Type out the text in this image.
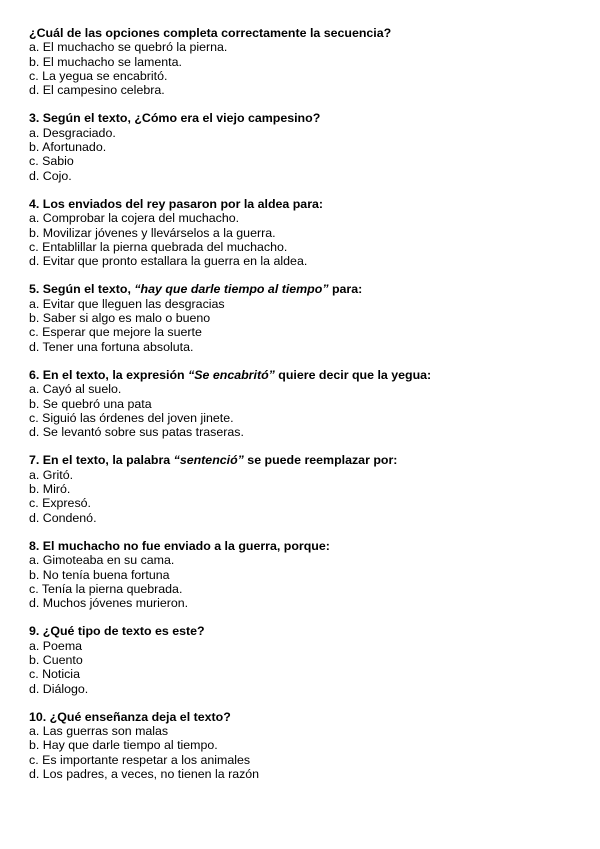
¿Cuál de las opciones completa correctamente la secuencia?
a. El muchacho se quebró la pierna.
b. El muchacho se lamenta.
c. La yegua se encabritó.
d. El campesino celebra.
3. Según el texto, ¿Cómo era el viejo campesino?
a. Desgraciado.
b. Afortunado.
c. Sabio
d. Cojo.
4. Los enviados del rey pasaron por la aldea para:
a. Comprobar la cojera del muchacho.
b. Movilizar jóvenes y llevárselos a la guerra.
c. Entablillar la pierna quebrada del muchacho.
d. Evitar que pronto estallara la guerra en la aldea.
5. Según el texto, “hay que darle tiempo al tiempo” para:
a. Evitar que lleguen las desgracias
b. Saber si algo es malo o bueno
c. Esperar que mejore la suerte
d. Tener una fortuna absoluta.
6. En el texto, la expresión “Se encabritó” quiere decir que la yegua:
a. Cayó al suelo.
b. Se quebró una pata
c. Siguió las órdenes del joven jinete.
d. Se levantó sobre sus patas traseras.
7. En el texto, la palabra “sentenció” se puede reemplazar por:
a. Gritó.
b. Miró.
c. Expresó.
d. Condenó.
8. El muchacho no fue enviado a la guerra, porque:
a. Gimoteaba en su cama.
b. No tenía buena fortuna
c. Tenía la pierna quebrada.
d. Muchos jóvenes murieron.
9. ¿Qué tipo de texto es este?
a. Poema
b. Cuento
c. Noticia
d. Diálogo.
10. ¿Qué enseñanza deja el texto?
a. Las guerras son malas
b. Hay que darle tiempo al tiempo.
c. Es importante respetar a los animales
d. Los padres, a veces, no tienen la razón
